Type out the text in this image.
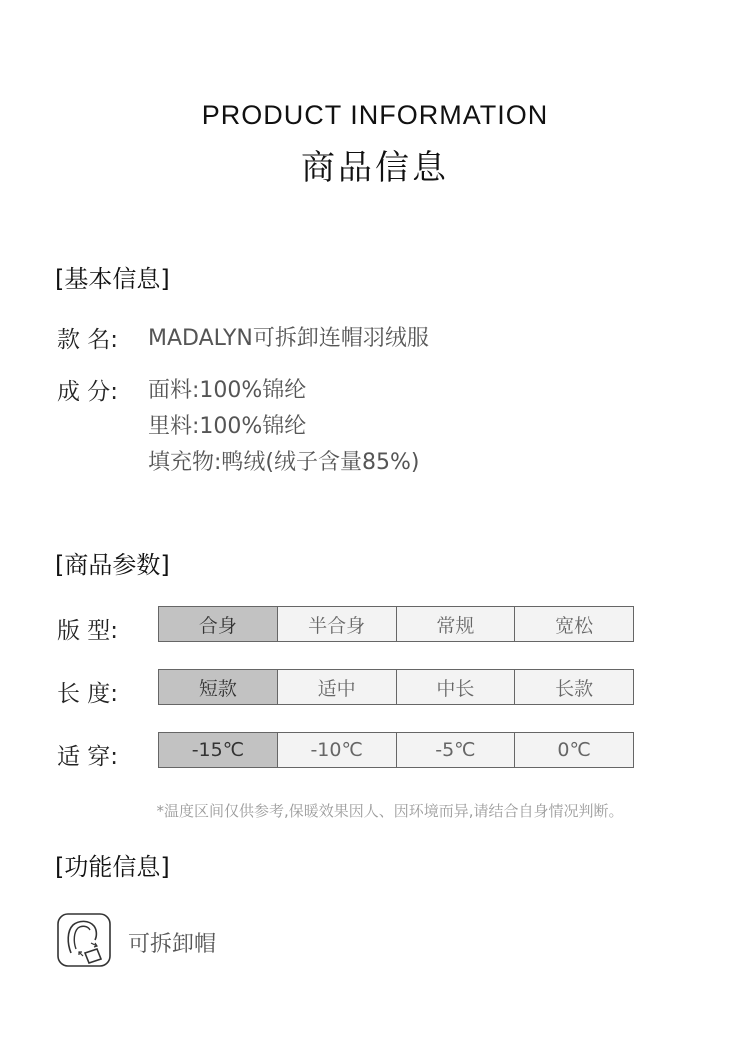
PRODUCT INFORMATION
商品信息
[基本信息]
款 名: MADALYN可拆卸连帽羽绒服
成 分: 面料:100%锦纶
里料:100%锦纶
填充物:鸭绒(绒子含量85%)
[商品参数]
版 型:	合身	半合身	常规	宽松
长 度:	短款	适中	中长	长款
适 穿:	-15℃	-10℃	-5℃	0℃
*温度区间仅供参考,保暖效果因人、因环境而异,请结合自身情况判断。
[功能信息]
可拆卸帽
